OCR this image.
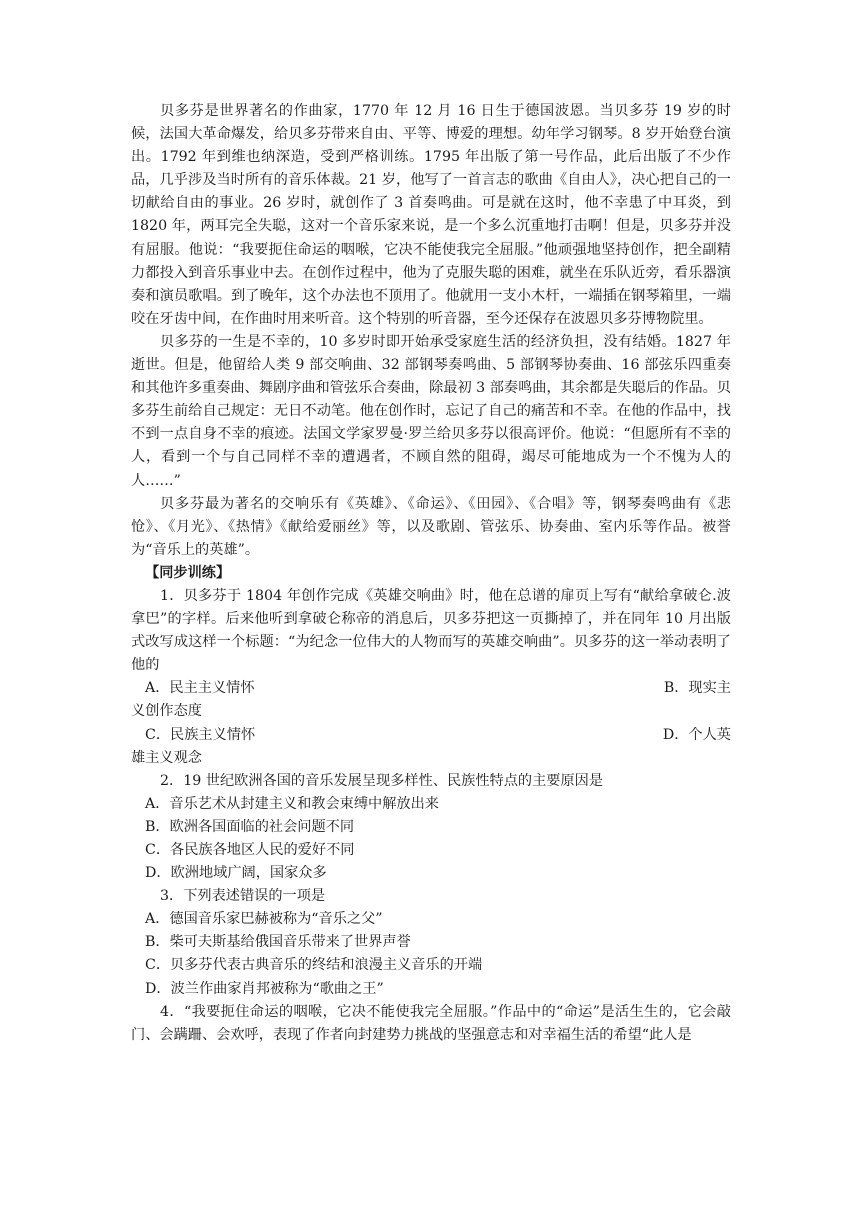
贝多芬是世界著名的作曲家，1770 年 12 月 16 日生于德国波恩。当贝多芬 19 岁的时候，法国大革命爆发，给贝多芬带来自由、平等、博爱的理想。幼年学习钢琴。8 岁开始登台演出。1792 年到维也纳深造，受到严格训练。1795 年出版了第一号作品，此后出版了不少作品，几乎涉及当时所有的音乐体裁。21 岁，他写了一首言志的歌曲《自由人》，决心把自己的一切献给自由的事业。26 岁时，就创作了 3 首奏鸣曲。可是就在这时，他不幸患了中耳炎，到 1820 年，两耳完全失聪，这对一个音乐家来说，是一个多么沉重地打击啊！但是，贝多芬并没有屈服。他说：“我要扼住命运的咽喉，它决不能使我完全屈服。”他顽强地坚持创作，把全副精力都投入到音乐事业中去。在创作过程中，他为了克服失聪的困难，就坐在乐队近旁，看乐器演奏和演员歌唱。到了晚年，这个办法也不顶用了。他就用一支小木杆，一端插在钢琴箱里，一端咬在牙齿中间，在作曲时用来听音。这个特别的听音器，至今还保存在波恩贝多芬博物院里。

贝多芬的一生是不幸的，10 多岁时即开始承受家庭生活的经济负担，没有结婚。1827 年逝世。但是，他留给人类 9 部交响曲、32 部钢琴奏鸣曲、5 部钢琴协奏曲、16 部弦乐四重奏和其他许多重奏曲、舞剧序曲和管弦乐合奏曲，除最初 3 部奏鸣曲，其余都是失聪后的作品。贝多芬生前给自己规定：无日不动笔。他在创作时，忘记了自己的痛苦和不幸。在他的作品中，找不到一点自身不幸的痕迹。法国文学家罗曼·罗兰给贝多芬以很高评价。他说：“但愿所有不幸的人，看到一个与自己同样不幸的遭遇者，不顾自然的阻碍，竭尽可能地成为一个不愧为人的人……”

贝多芬最为著名的交响乐有《英雄》、《命运》、《田园》、《合唱》等，钢琴奏鸣曲有《悲怆》、《月光》、《热情》《献给爱丽丝》等，以及歌剧、管弦乐、协奏曲、室内乐等作品。被誉为“音乐上的英雄”。

【同步训练】

1．贝多芬于 1804 年创作完成《英雄交响曲》时，他在总谱的扉页上写有“献给拿破仑.波拿巴”的字样。后来他听到拿破仑称帝的消息后，贝多芬把这一页撕掉了，并在同年 10 月出版式改写成这样一个标题：“为纪念一位伟大的人物而写的英雄交响曲”。贝多芬的这一举动表明了他的

A．民主主义情怀	B．现实主

义创作态度

C．民族主义情怀	D．个人英

雄主义观念

2．19 世纪欧洲各国的音乐发展呈现多样性、民族性特点的主要原因是

A．音乐艺术从封建主义和教会束缚中解放出来

B．欧洲各国面临的社会问题不同

C．各民族各地区人民的爱好不同

D．欧洲地域广阔，国家众多

3．下列表述错误的一项是

A．德国音乐家巴赫被称为“音乐之父”

B．柴可夫斯基给俄国音乐带来了世界声誉

C．贝多芬代表古典音乐的终结和浪漫主义音乐的开端

D．波兰作曲家肖邦被称为“歌曲之王”

4．“我要扼住命运的咽喉，它决不能使我完全屈服。”作品中的“命运”是活生生的，它会敲门、会蹒跚、会欢呼，表现了作者向封建势力挑战的坚强意志和对幸福生活的希望“此人是
